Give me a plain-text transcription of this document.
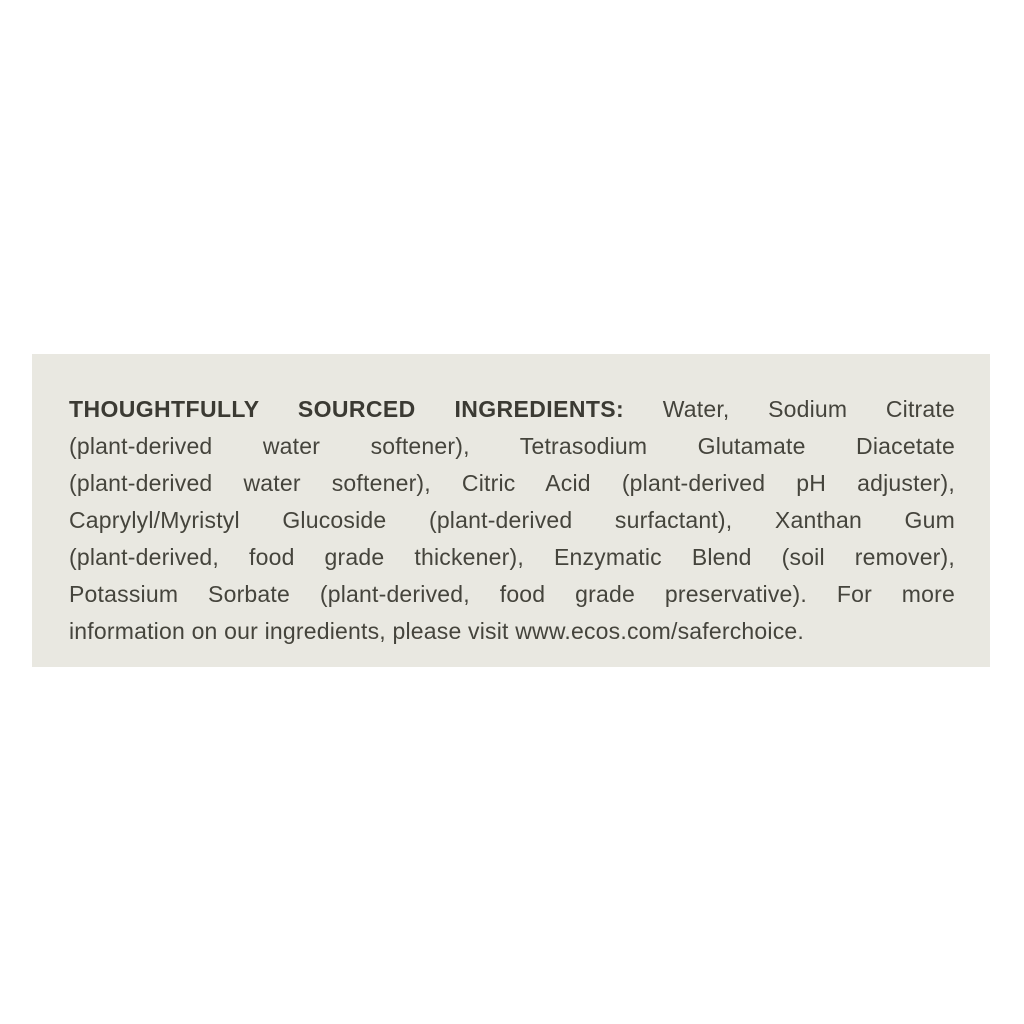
THOUGHTFULLY SOURCED INGREDIENTS: Water, Sodium Citrate
(plant-derived water softener), Tetrasodium Glutamate Diacetate
(plant-derived water softener), Citric Acid (plant-derived pH adjuster),
Caprylyl/Myristyl Glucoside (plant-derived surfactant), Xanthan Gum
(plant-derived, food grade thickener), Enzymatic Blend (soil remover),
Potassium Sorbate (plant-derived, food grade preservative). For more
information on our ingredients, please visit www.ecos.com/saferchoice.
